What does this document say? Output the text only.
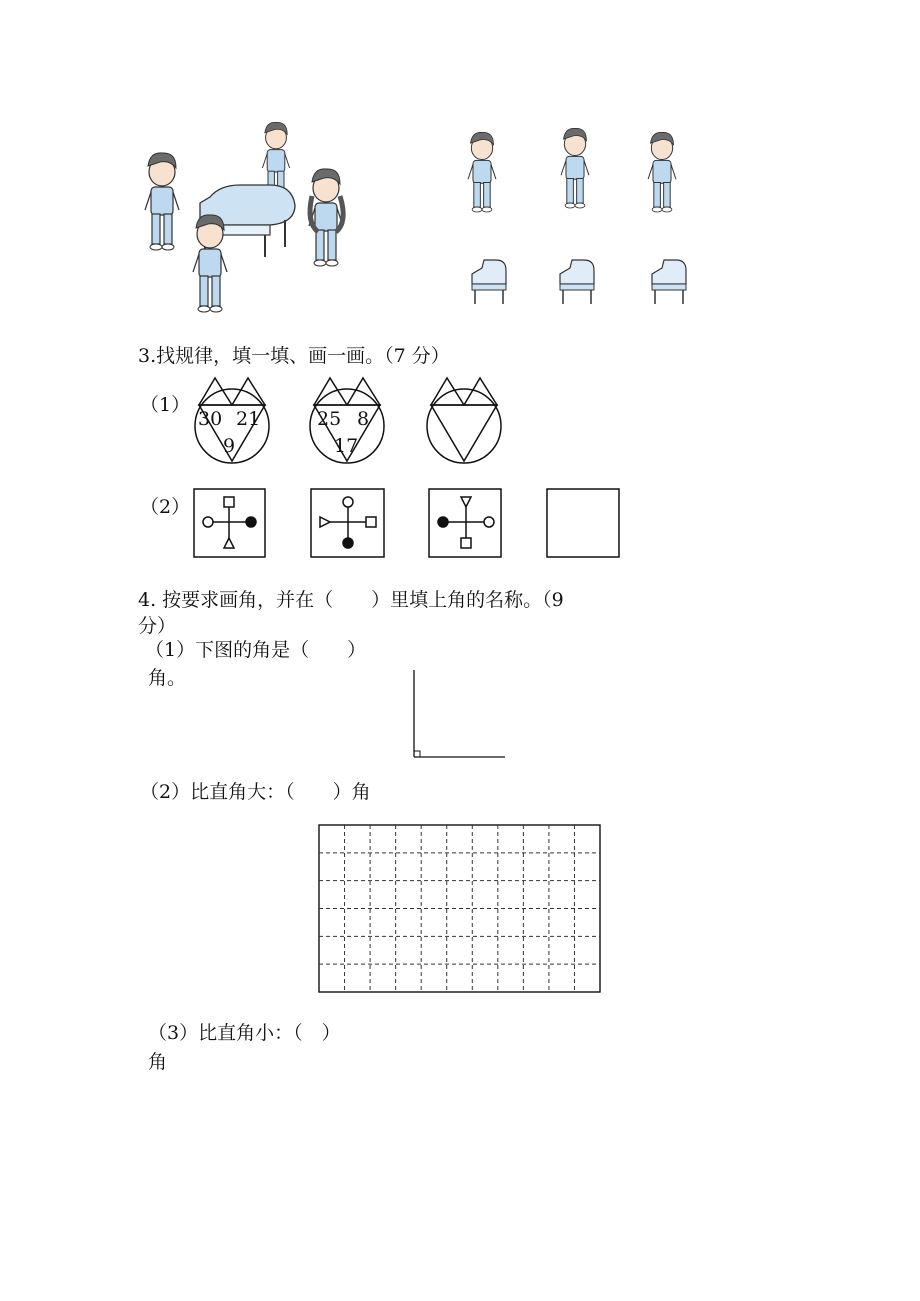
3.找规律，填一填、画一画。（7 分）
（1）
30 21
9
25 8
17
（2）
4. 按要求画角，并在（　　）里填上角的名称。（9
分）
（1）下图的角是（　　）
角。
（2）比直角大：（　　）角
（3）比直角小：（　）
角
